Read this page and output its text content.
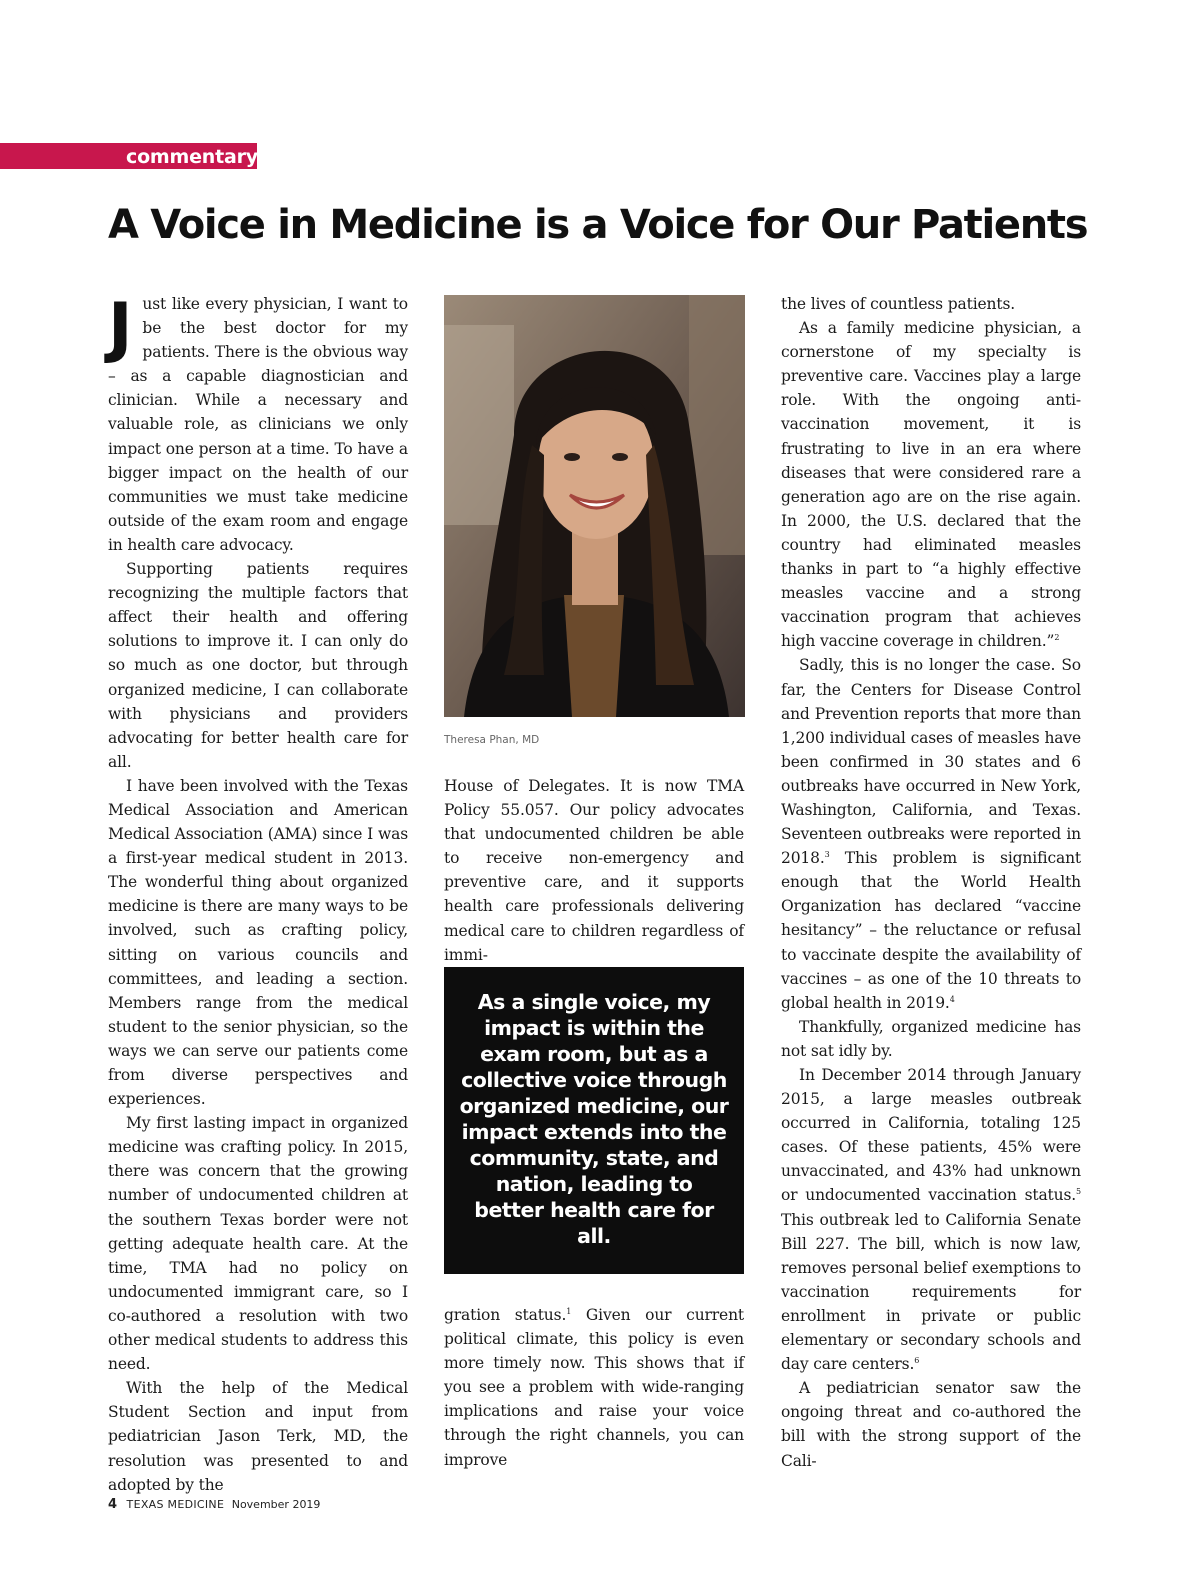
commentary
A Voice in Medicine is a Voice for Our Patients

Just like every physician, I want to be the best doctor for my patients. There is the obvious way – as a capable diagnostician and clinician. While a necessary and valuable role, as clinicians we only impact one person at a time. To have a bigger impact on the health of our communities we must take medicine outside of the exam room and engage in health care advocacy.

Supporting patients requires recognizing the multiple factors that affect their health and offering solutions to improve it. I can only do so much as one doctor, but through organized medicine, I can collaborate with physicians and providers advocating for better health care for all.

I have been involved with the Texas Medical Association and American Medical Association (AMA) since I was a first-year medical student in 2013. The wonderful thing about organized medicine is there are many ways to be involved, such as crafting policy, sitting on various councils and committees, and leading a section. Members range from the medical student to the senior physician, so the ways we can serve our patients come from diverse perspectives and experiences.

My first lasting impact in organized medicine was crafting policy. In 2015, there was concern that the growing number of undocumented children at the southern Texas border were not getting adequate health care. At the time, TMA had no policy on undocumented immigrant care, so I co-authored a resolution with two other medical students to address this need.

With the help of the Medical Student Section and input from pediatrician Jason Terk, MD, the resolution was presented to and adopted by the

Theresa Phan, MD

House of Delegates. It is now TMA Policy 55.057. Our policy advocates that undocumented children be able to receive non-emergency and preventive care, and it supports health care professionals delivering medical care to children regardless of immi-

As a single voice, my impact is within the exam room, but as a collective voice through organized medicine, our impact extends into the community, state, and nation, leading to better health care for all.

gration status.$^1$ Given our current political climate, this policy is even more timely now. This shows that if you see a problem with wide-ranging implications and raise your voice through the right channels, you can improve

the lives of countless patients.

As a family medicine physician, a cornerstone of my specialty is preventive care. Vaccines play a large role. With the ongoing anti-vaccination movement, it is frustrating to live in an era where diseases that were considered rare a generation ago are on the rise again. In 2000, the U.S. declared that the country had eliminated measles thanks in part to “a highly effective measles vaccine and a strong vaccination program that achieves high vaccine coverage in children.”$^2$

Sadly, this is no longer the case. So far, the Centers for Disease Control and Prevention reports that more than 1,200 individual cases of measles have been confirmed in 30 states and 6 outbreaks have occurred in New York, Washington, California, and Texas. Seventeen outbreaks were reported in 2018.$^3$ This problem is significant enough that the World Health Organization has declared “vaccine hesitancy” – the reluctance or refusal to vaccinate despite the availability of vaccines – as one of the 10 threats to global health in 2019.$^4$

Thankfully, organized medicine has not sat idly by.

In December 2014 through January 2015, a large measles outbreak occurred in California, totaling 125 cases. Of these patients, 45% were unvaccinated, and 43% had unknown or undocumented vaccination status.$^5$ This outbreak led to California Senate Bill 227. The bill, which is now law, removes personal belief exemptions to vaccination requirements for enrollment in private or public elementary or secondary schools and day care centers.$^6$

A pediatrician senator saw the ongoing threat and co-authored the bill with the strong support of the Cali-

4 TEXAS MEDICINE November 2019
